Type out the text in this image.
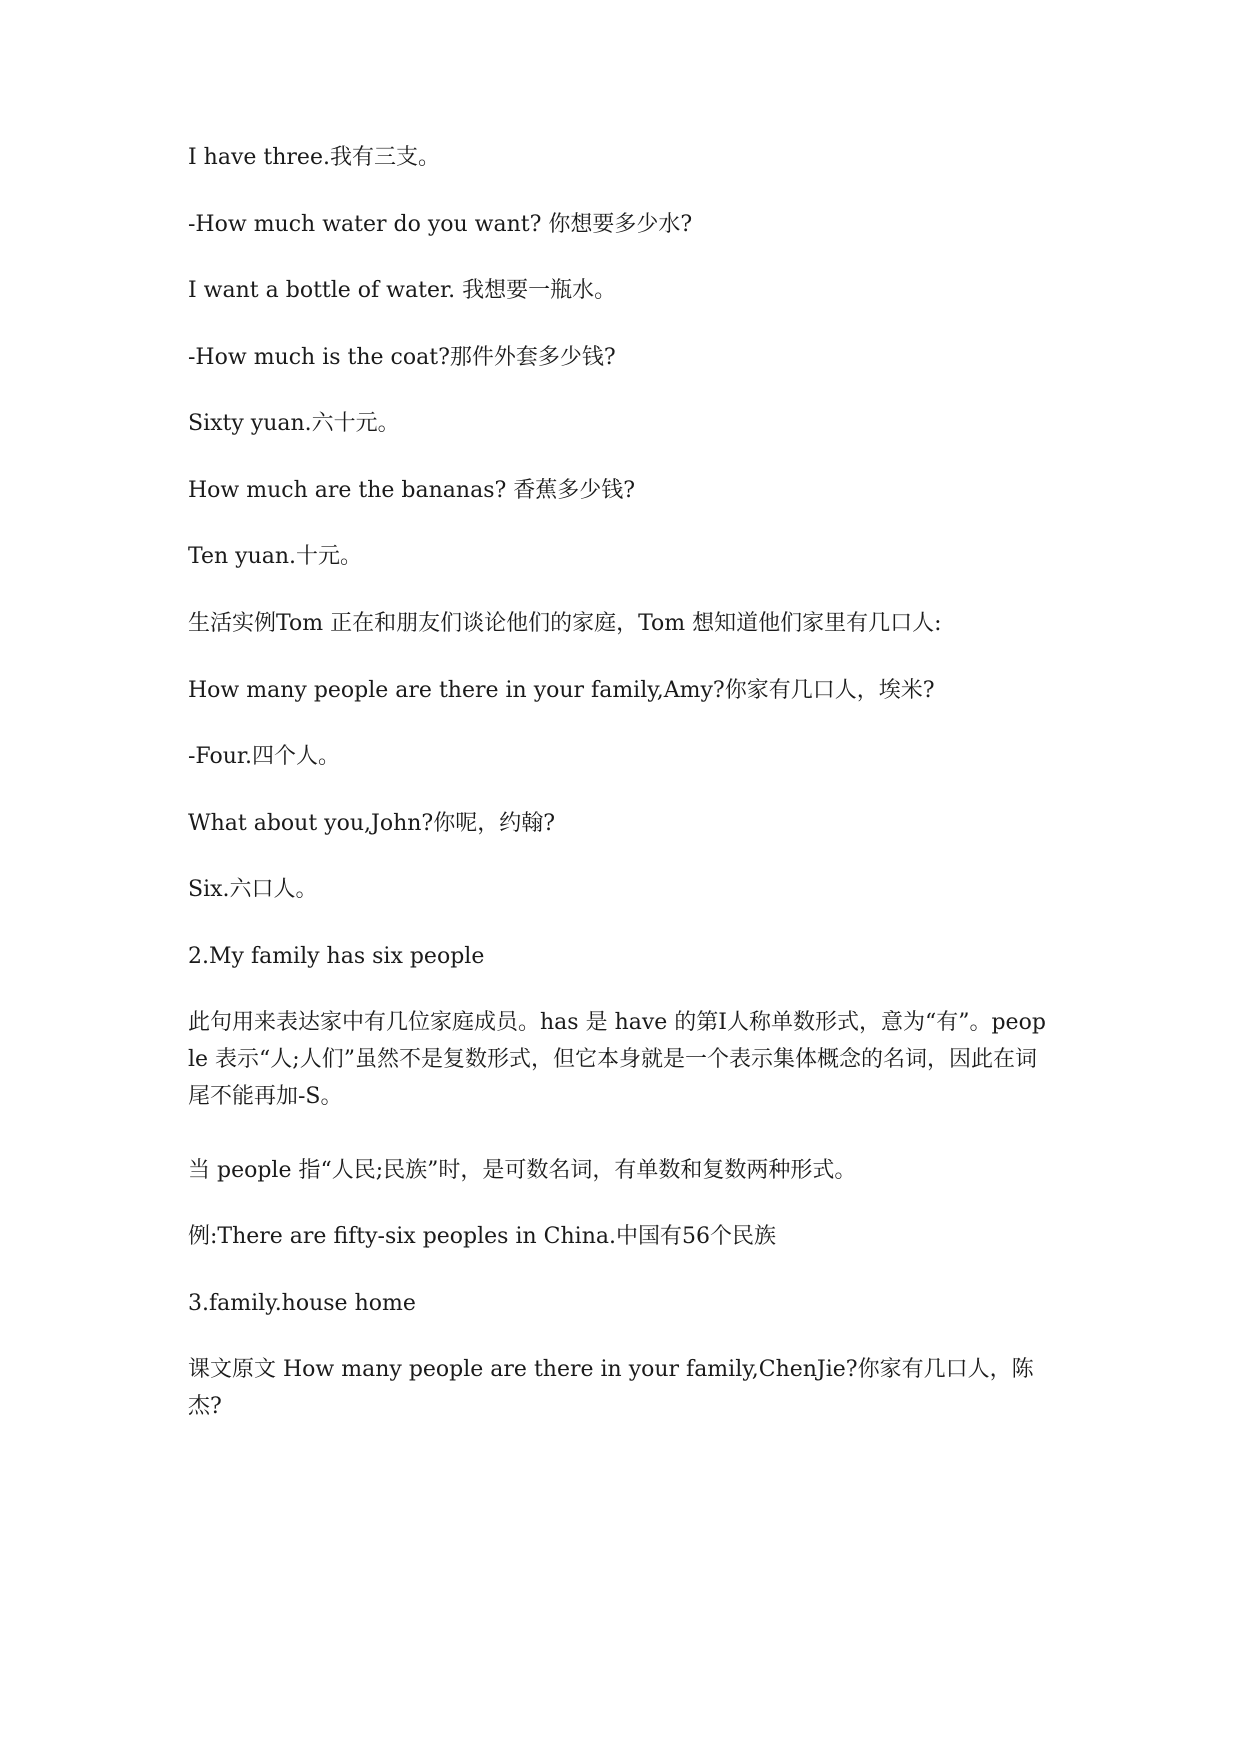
I have three.我有三支。

-How much water do you want? 你想要多少水?

I want a bottle of water. 我想要一瓶水。

-How much is the coat?那件外套多少钱?

Sixty yuan.六十元。

How much are the bananas? 香蕉多少钱?

Ten yuan.十元。

生活实例Tom 正在和朋友们谈论他们的家庭，Tom 想知道他们家里有几口人:

How many people are there in your family,Amy?你家有几口人，埃米?

-Four.四个人。

What about you,John?你呢，约翰?

Six.六口人。

2.My family has six people

此句用来表达家中有几位家庭成员。has 是 have 的第Ⅰ人称单数形式，意为“有”。people 表示“人;人们”虽然不是复数形式，但它本身就是一个表示集体概念的名词，因此在词尾不能再加-S。

当 people 指“人民;民族”时，是可数名词，有单数和复数两种形式。

例:There are fifty-six peoples in China.中国有56个民族

3.family.house home

课文原文 How many people are there in your family,ChenJie?你家有几口人，陈杰?
